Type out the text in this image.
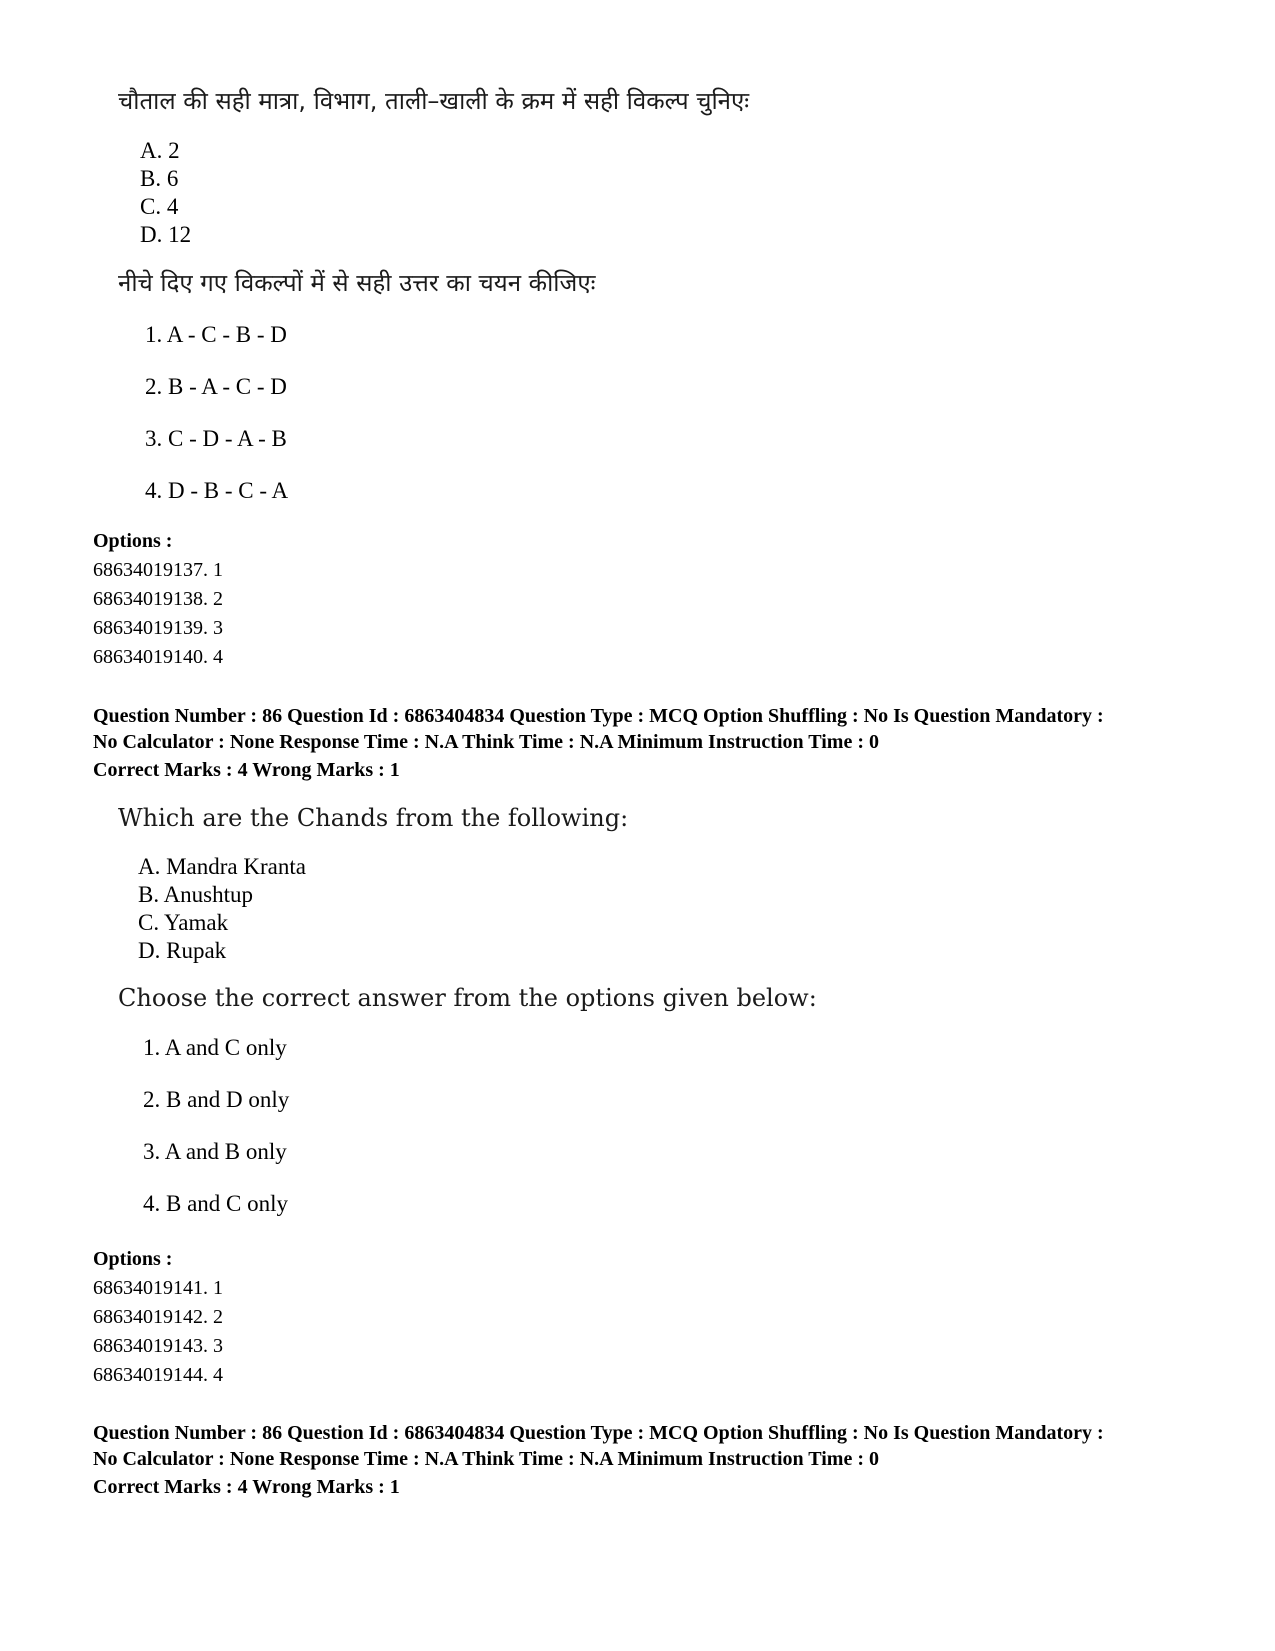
चौताल की सही मात्रा, विभाग, ताली–खाली के क्रम में सही विकल्प चुनिएः
A. 2
B. 6
C. 4
D. 12
नीचे दिए गए विकल्पों में से सही उत्तर का चयन कीजिएः
1. A - C - B - D
2. B - A - C - D
3. C - D - A - B
4. D - B - C - A
Options :
68634019137. 1
68634019138. 2
68634019139. 3
68634019140. 4
Question Number : 86 Question Id : 6863404834 Question Type : MCQ Option Shuffling : No Is Question Mandatory :
No Calculator : None Response Time : N.A Think Time : N.A Minimum Instruction Time : 0
Correct Marks : 4 Wrong Marks : 1
Which are the Chands from the following:
A. Mandra Kranta
B. Anushtup
C. Yamak
D. Rupak
Choose the correct answer from the options given below:
1. A and C only
2. B and D only
3. A and B only
4. B and C only
Options :
68634019141. 1
68634019142. 2
68634019143. 3
68634019144. 4
Question Number : 86 Question Id : 6863404834 Question Type : MCQ Option Shuffling : No Is Question Mandatory :
No Calculator : None Response Time : N.A Think Time : N.A Minimum Instruction Time : 0
Correct Marks : 4 Wrong Marks : 1
